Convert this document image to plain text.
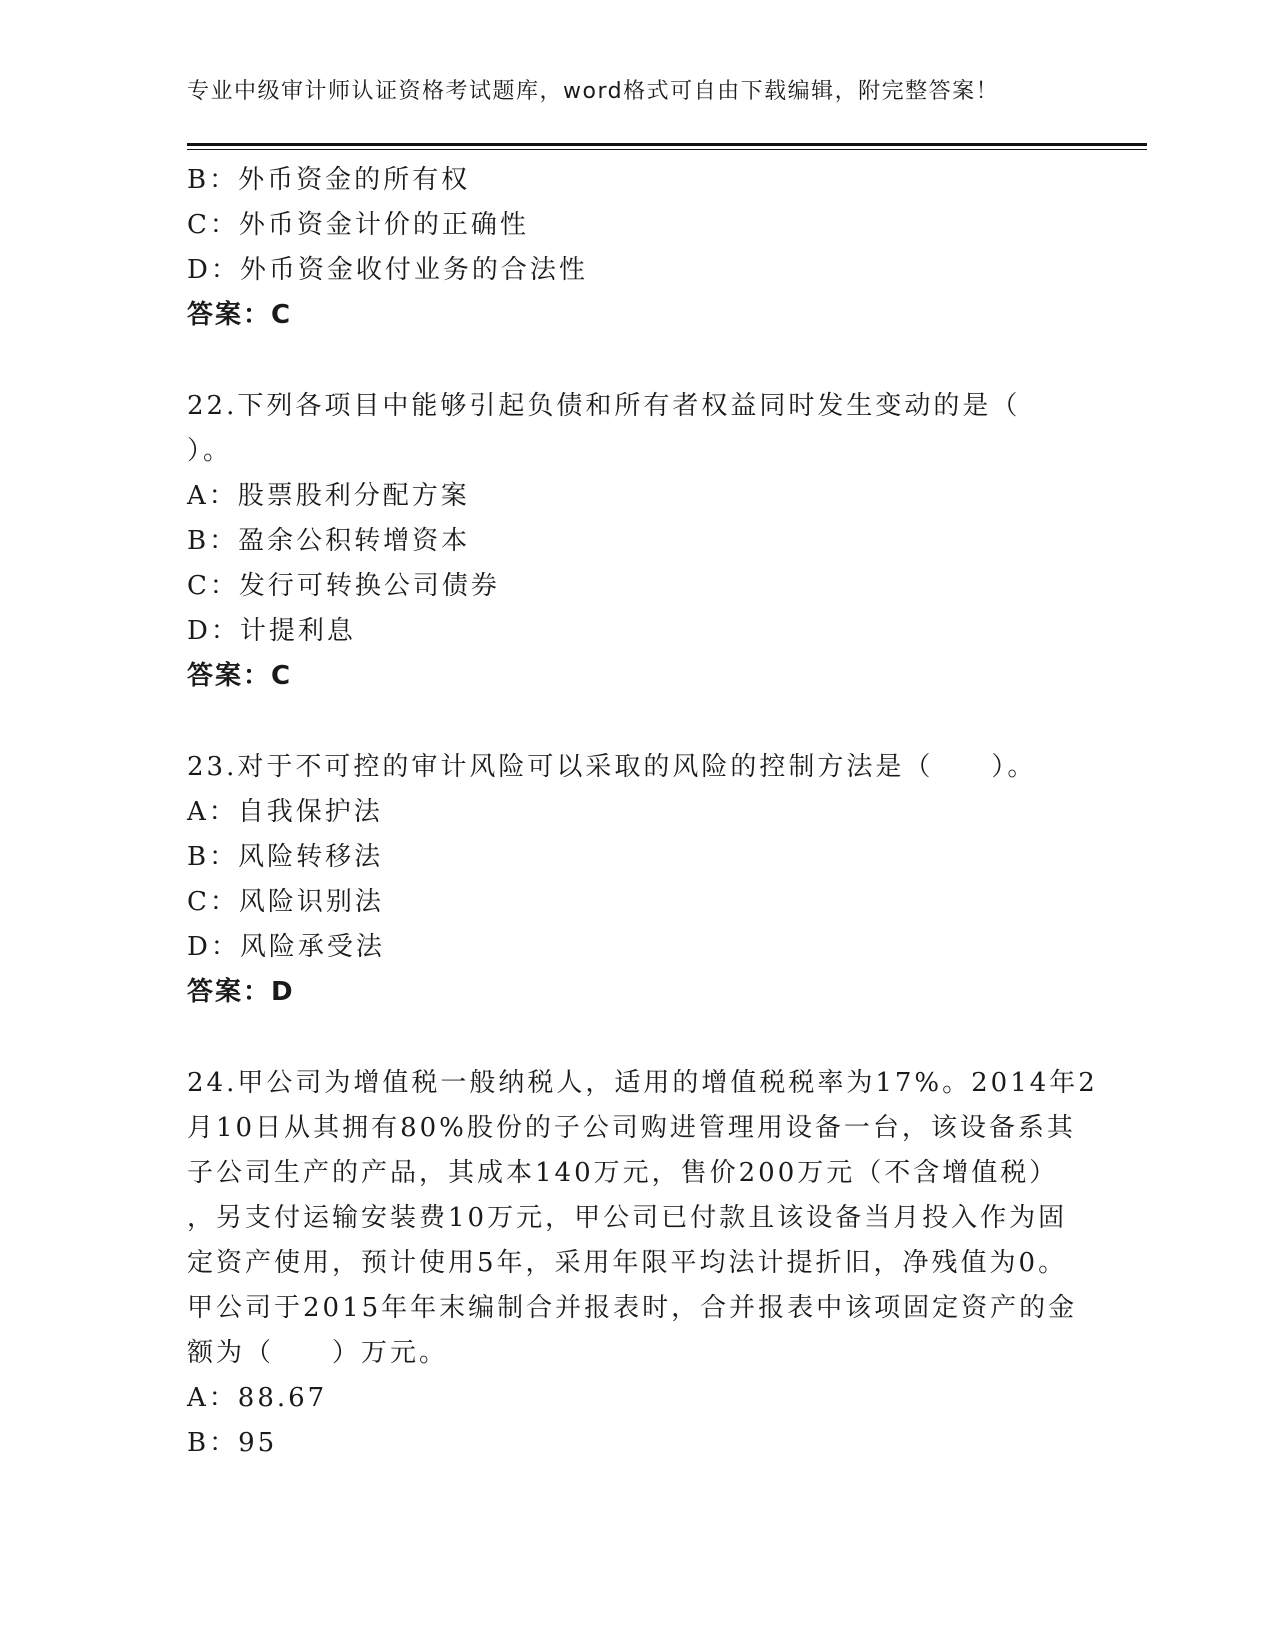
专业中级审计师认证资格考试题库，word格式可自由下载编辑，附完整答案！
B：外币资金的所有权
C：外币资金计价的正确性
D：外币资金收付业务的合法性
答案：C
22.下列各项目中能够引起负债和所有者权益同时发生变动的是（
）。
A：股票股利分配方案
B：盈余公积转增资本
C：发行可转换公司债券
D：计提利息
答案：C
23.对于不可控的审计风险可以采取的风险的控制方法是（　　）。
A：自我保护法
B：风险转移法
C：风险识别法
D：风险承受法
答案：D
24.甲公司为增值税一般纳税人，适用的增值税税率为17%。2014年2
月10日从其拥有80%股份的子公司购进管理用设备一台，该设备系其
子公司生产的产品，其成本140万元，售价200万元（不含增值税）
，另支付运输安装费10万元，甲公司已付款且该设备当月投入作为固
定资产使用，预计使用5年，采用年限平均法计提折旧，净残值为0。
甲公司于2015年年末编制合并报表时，合并报表中该项固定资产的金
额为（　　）万元。
A：88.67
B：95
